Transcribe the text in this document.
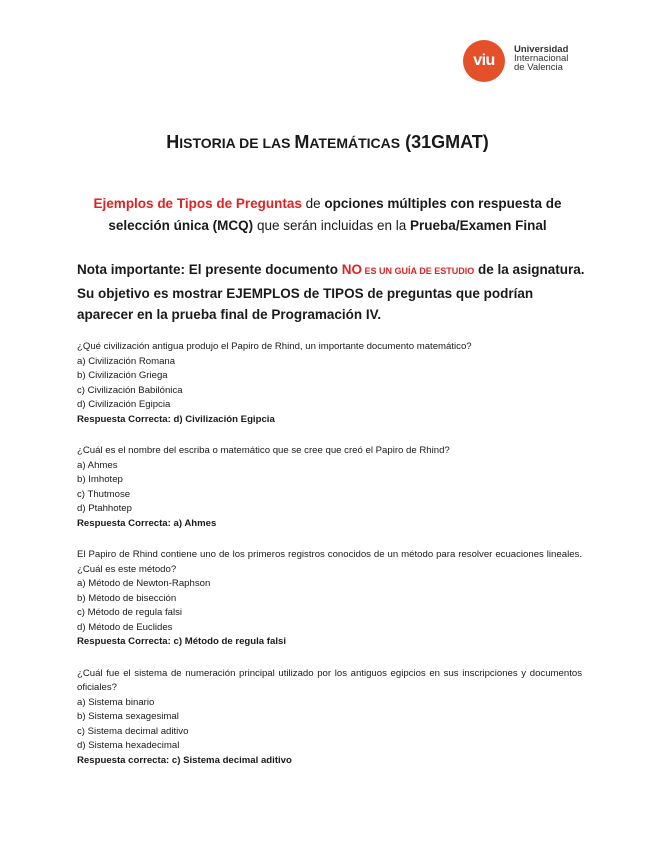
viu
Universidad
Internacional
de Valencia
HISTORIA DE LAS MATEMÁTICAS (31GMAT)
Ejemplos de Tipos de Preguntas de opciones múltiples con respuesta de selección única (MCQ) que serán incluidas en la Prueba/Examen Final
Nota importante: El presente documento NO ES UN GUÍA DE ESTUDIO de la asignatura. Su objetivo es mostrar EJEMPLOS de TIPOS de preguntas que podrían aparecer en la prueba final de Programación IV.
¿Qué civilización antigua produjo el Papiro de Rhind, un importante documento matemático?
a) Civilización Romana
b) Civilización Griega
c) Civilización Babilónica
d) Civilización Egipcia
Respuesta Correcta: d) Civilización Egipcia
¿Cuál es el nombre del escriba o matemático que se cree que creó el Papiro de Rhind?
a) Ahmes
b) Imhotep
c) Thutmose
d) Ptahhotep
Respuesta Correcta: a) Ahmes
El Papiro de Rhind contiene uno de los primeros registros conocidos de un método para resolver ecuaciones lineales. ¿Cuál es este método?
a) Método de Newton-Raphson
b) Método de bisección
c) Método de regula falsi
d) Método de Euclides
Respuesta Correcta: c) Método de regula falsi
¿Cuál fue el sistema de numeración principal utilizado por los antiguos egipcios en sus inscripciones y documentos oficiales?
a) Sistema binario
b) Sistema sexagesimal
c) Sistema decimal aditivo
d) Sistema hexadecimal
Respuesta correcta: c) Sistema decimal aditivo
